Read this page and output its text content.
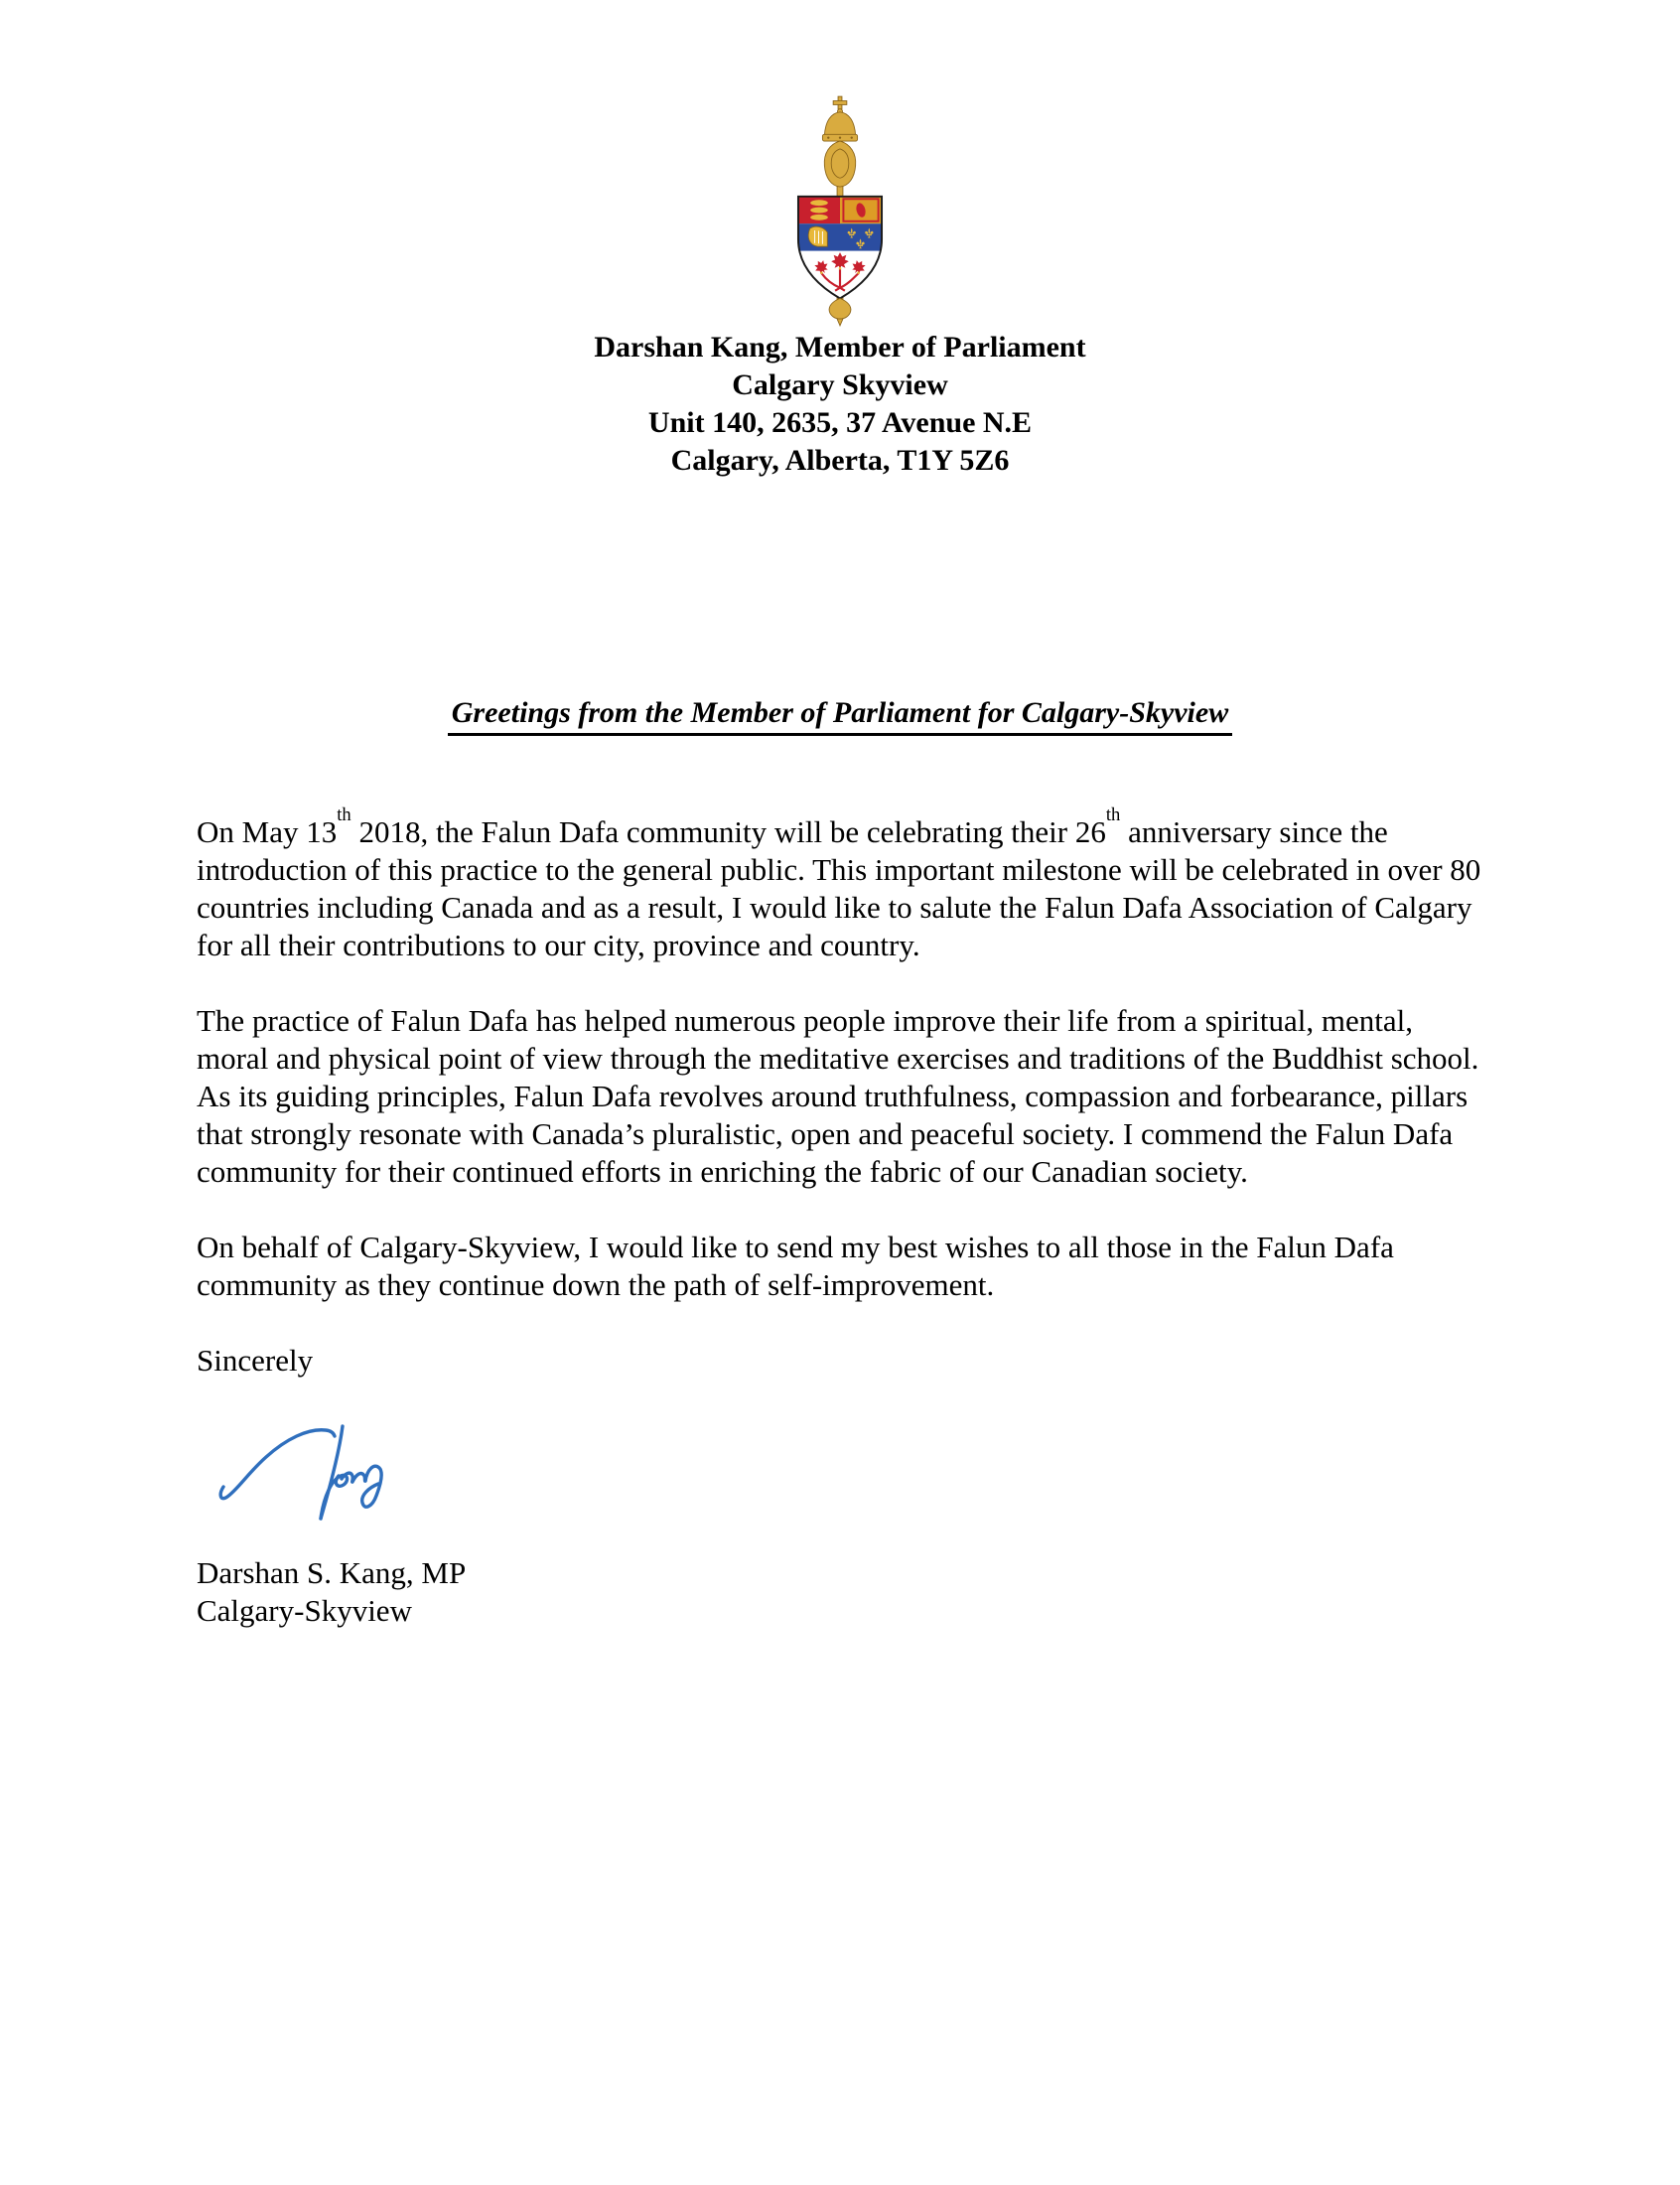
Darshan Kang, Member of Parliament
Calgary Skyview
Unit 140, 2635, 37 Avenue N.E
Calgary, Alberta, T1Y 5Z6
Greetings from the Member of Parliament for Calgary-Skyview

On May 13th 2018, the Falun Dafa community will be celebrating their 26th anniversary since the introduction of this practice to the general public. This important milestone will be celebrated in over 80 countries including Canada and as a result, I would like to salute the Falun Dafa Association of Calgary for all their contributions to our city, province and country.

The practice of Falun Dafa has helped numerous people improve their life from a spiritual, mental, moral and physical point of view through the meditative exercises and traditions of the Buddhist school. As its guiding principles, Falun Dafa revolves around truthfulness, compassion and forbearance, pillars that strongly resonate with Canada’s pluralistic, open and peaceful society. I commend the Falun Dafa community for their continued efforts in enriching the fabric of our Canadian society.

On behalf of Calgary-Skyview, I would like to send my best wishes to all those in the Falun Dafa community as they continue down the path of self-improvement.

Sincerely

Darshan S. Kang, MP
Calgary-Skyview
